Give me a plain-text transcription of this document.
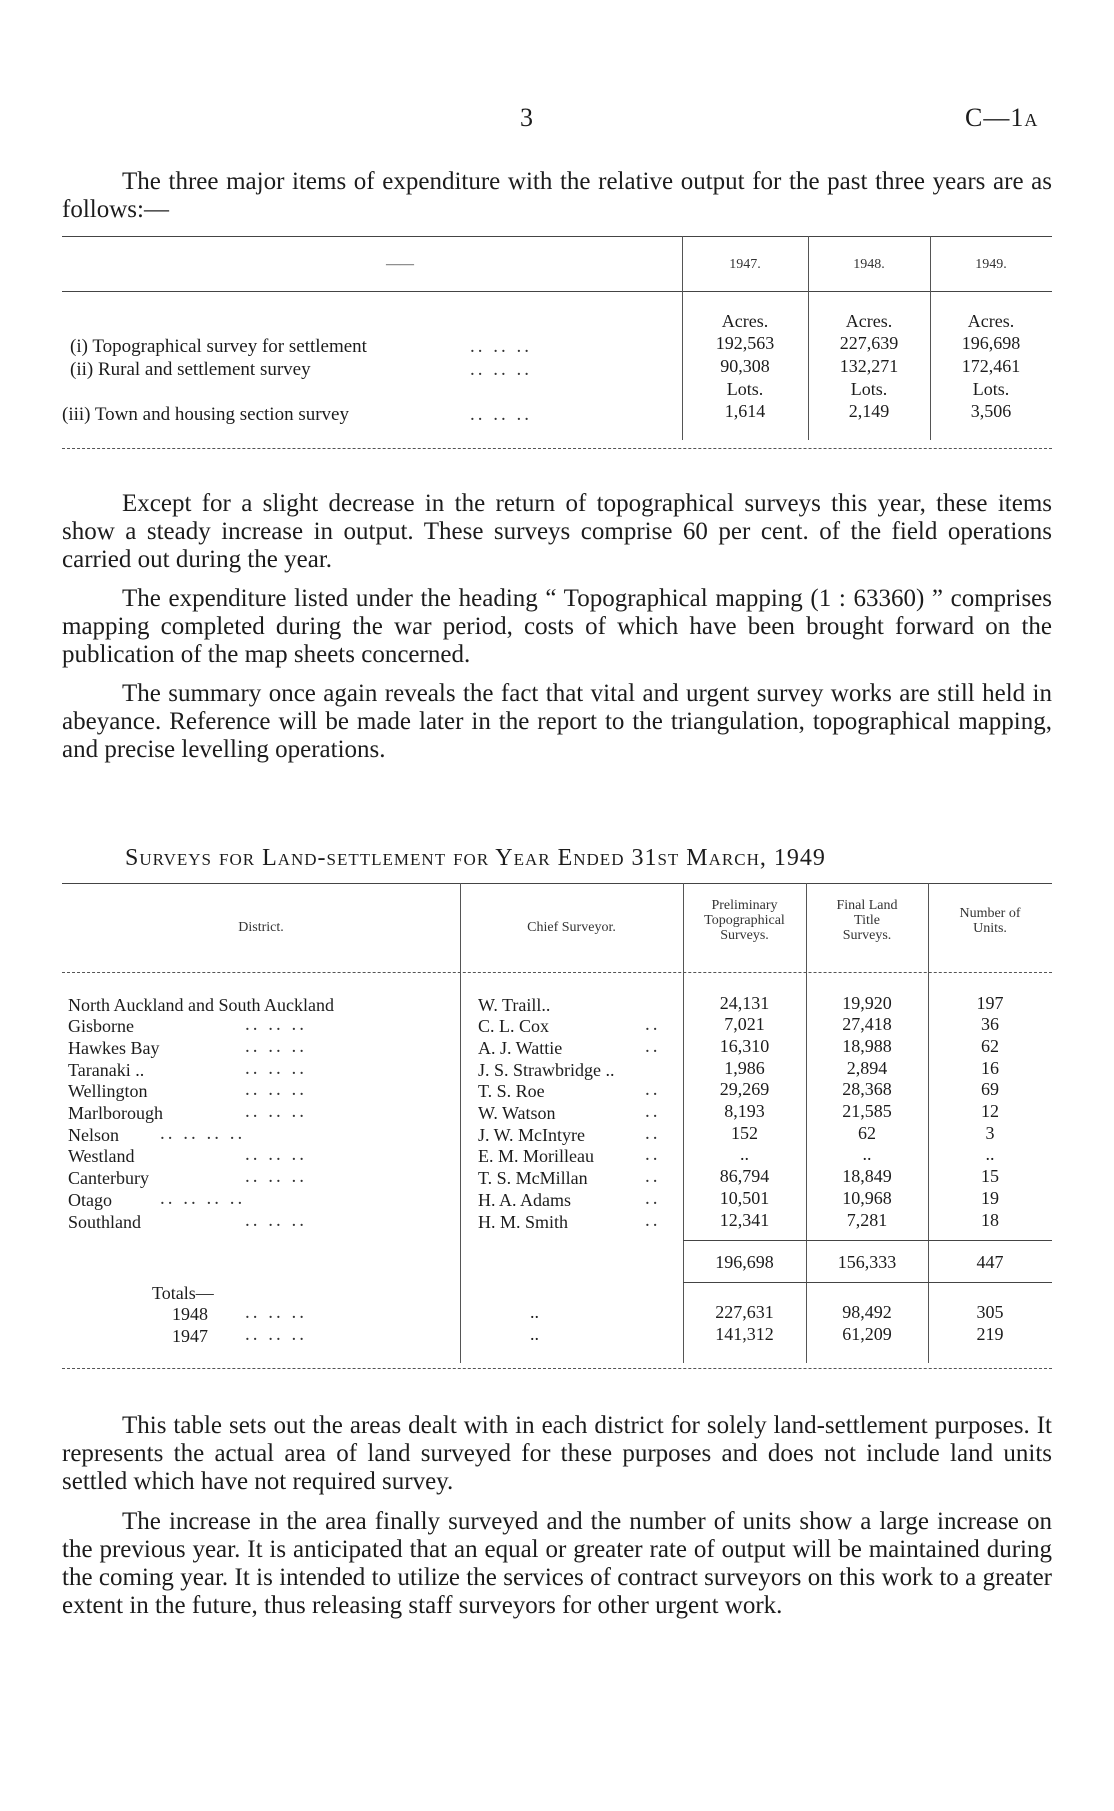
3	C—1A

The three major items of expenditure with the relative output for the past three years are as follows:—

——	1947.	1948.	1949.
Acres.	Acres.	Acres.
(i) Topographical survey for settlement	.. .. ..	192,563	227,639	196,698
(ii) Rural and settlement survey	.. .. ..	90,308	132,271	172,461
Lots.	Lots.	Lots.
(iii) Town and housing section survey	.. .. ..	1,614	2,149	3,506

Except for a slight decrease in the return of topographical surveys this year, these items show a steady increase in output. These surveys comprise 60 per cent. of the field operations carried out during the year.

The expenditure listed under the heading “ Topographical mapping (1 : 63360) ” comprises mapping completed during the war period, costs of which have been brought forward on the publication of the map sheets concerned.

The summary once again reveals the fact that vital and urgent survey works are still held in abeyance. Reference will be made later in the report to the triangulation, topographical mapping, and precise levelling operations.

Surveys for Land-settlement for Year Ended 31st March, 1949
District.	Chief Surveyor.
Preliminary
Topographical
Surveys.
Final Land
Title
Surveys.
Number of
Units.
North Auckland and South Auckland	W. Traill..	24,131	19,920	197
Gisborne	.. .. ..	C. L. Cox	..	7,021	27,418	36
Hawkes Bay	.. .. ..	A. J. Wattie	..	16,310	18,988	62
Taranaki ..	.. .. ..	J. S. Strawbridge ..	1,986	2,894	16
Wellington	.. .. ..	T. S. Roe	..	29,269	28,368	69
Marlborough	.. .. ..	W. Watson	..	8,193	21,585	12
Nelson .. .. .. ..	J. W. McIntyre	..	152	62	3
Westland	.. .. ..	E. M. Morilleau	..	..	..	..
Canterbury	.. .. ..	T. S. McMillan	..	86,794	18,849	15
Otago	.. .. .. ..	H. A. Adams	..	10,501	10,968	19
Southland	.. .. ..	H. M. Smith	..	12,341	7,281	18
196,698	156,333	447
Totals—
1948 .. .. ..	..	227,631	98,492	305
1947 .. .. ..	..	141,312	61,209	219

This table sets out the areas dealt with in each district for solely land-settlement purposes. It represents the actual area of land surveyed for these purposes and does not include land units settled which have not required survey.

The increase in the area finally surveyed and the number of units show a large increase on the previous year. It is anticipated that an equal or greater rate of output will be maintained during the coming year. It is intended to utilize the services of contract surveyors on this work to a greater extent in the future, thus releasing staff surveyors for other urgent work.
